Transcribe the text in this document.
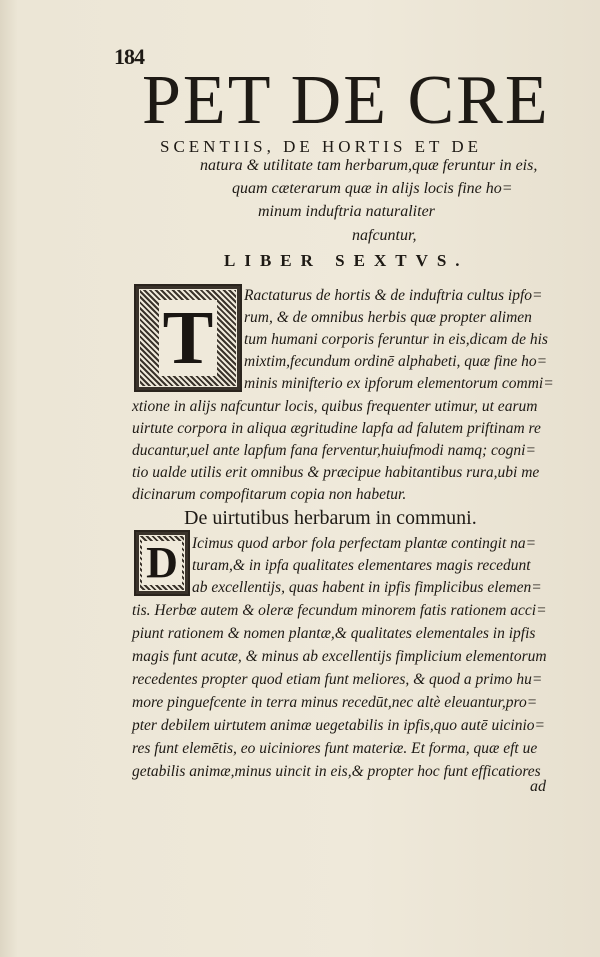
184
PET DE CRE
SCENTIIS, DE HORTIS ET DE
natura & utilitate tam herbarum,quæ feruntur in eis,
quam cæterarum quæ in alijs locis fine ho=
minum induftria naturaliter
nafcuntur,
LIBER SEXTVS.
T
Ractaturus de hortis & de induftria cultus ipfo=
rum, & de omnibus herbis quæ propter alimen
tum humani corporis feruntur in eis,dicam de his
mixtim,fecundum ordinē alphabeti, quæ fine ho=
minis minifterio ex ipforum elementorum commi=
xtione in alijs nafcuntur locis, quibus frequenter utimur, ut earum
uirtute corpora in aliqua ægritudine lapfa ad falutem priftinam re
ducantur,uel ante lapfum fana ferventur,huiufmodi namq; cogni=
tio ualde utilis erit omnibus & præcipue habitantibus rura,ubi me
dicinarum compofitarum copia non habetur.
De uirtutibus herbarum in communi.
D Icimus quod arbor fola perfectam plantæ contingit na=
turam,& in ipfa qualitates elementares magis recedunt
ab excellentijs, quas habent in ipfis fimplicibus elemen=
tis. Herbæ autem & oleræ fecundum minorem fatis rationem acci=
piunt rationem & nomen plantæ,& qualitates elementales in ipfis
magis funt acutæ, & minus ab excellentijs fimplicium elementorum
recedentes propter quod etiam funt meliores, & quod a primo hu=
more pinguefcente in terra minus recedūt,nec altè eleuantur,pro=
pter debilem uirtutem animæ uegetabilis in ipfis,quo autē uicinio=
res funt elemētis, eo uiciniores funt materiæ. Et forma, quæ eft ue
getabilis animæ,minus uincit in eis,& propter hoc funt efficatiores
ad
